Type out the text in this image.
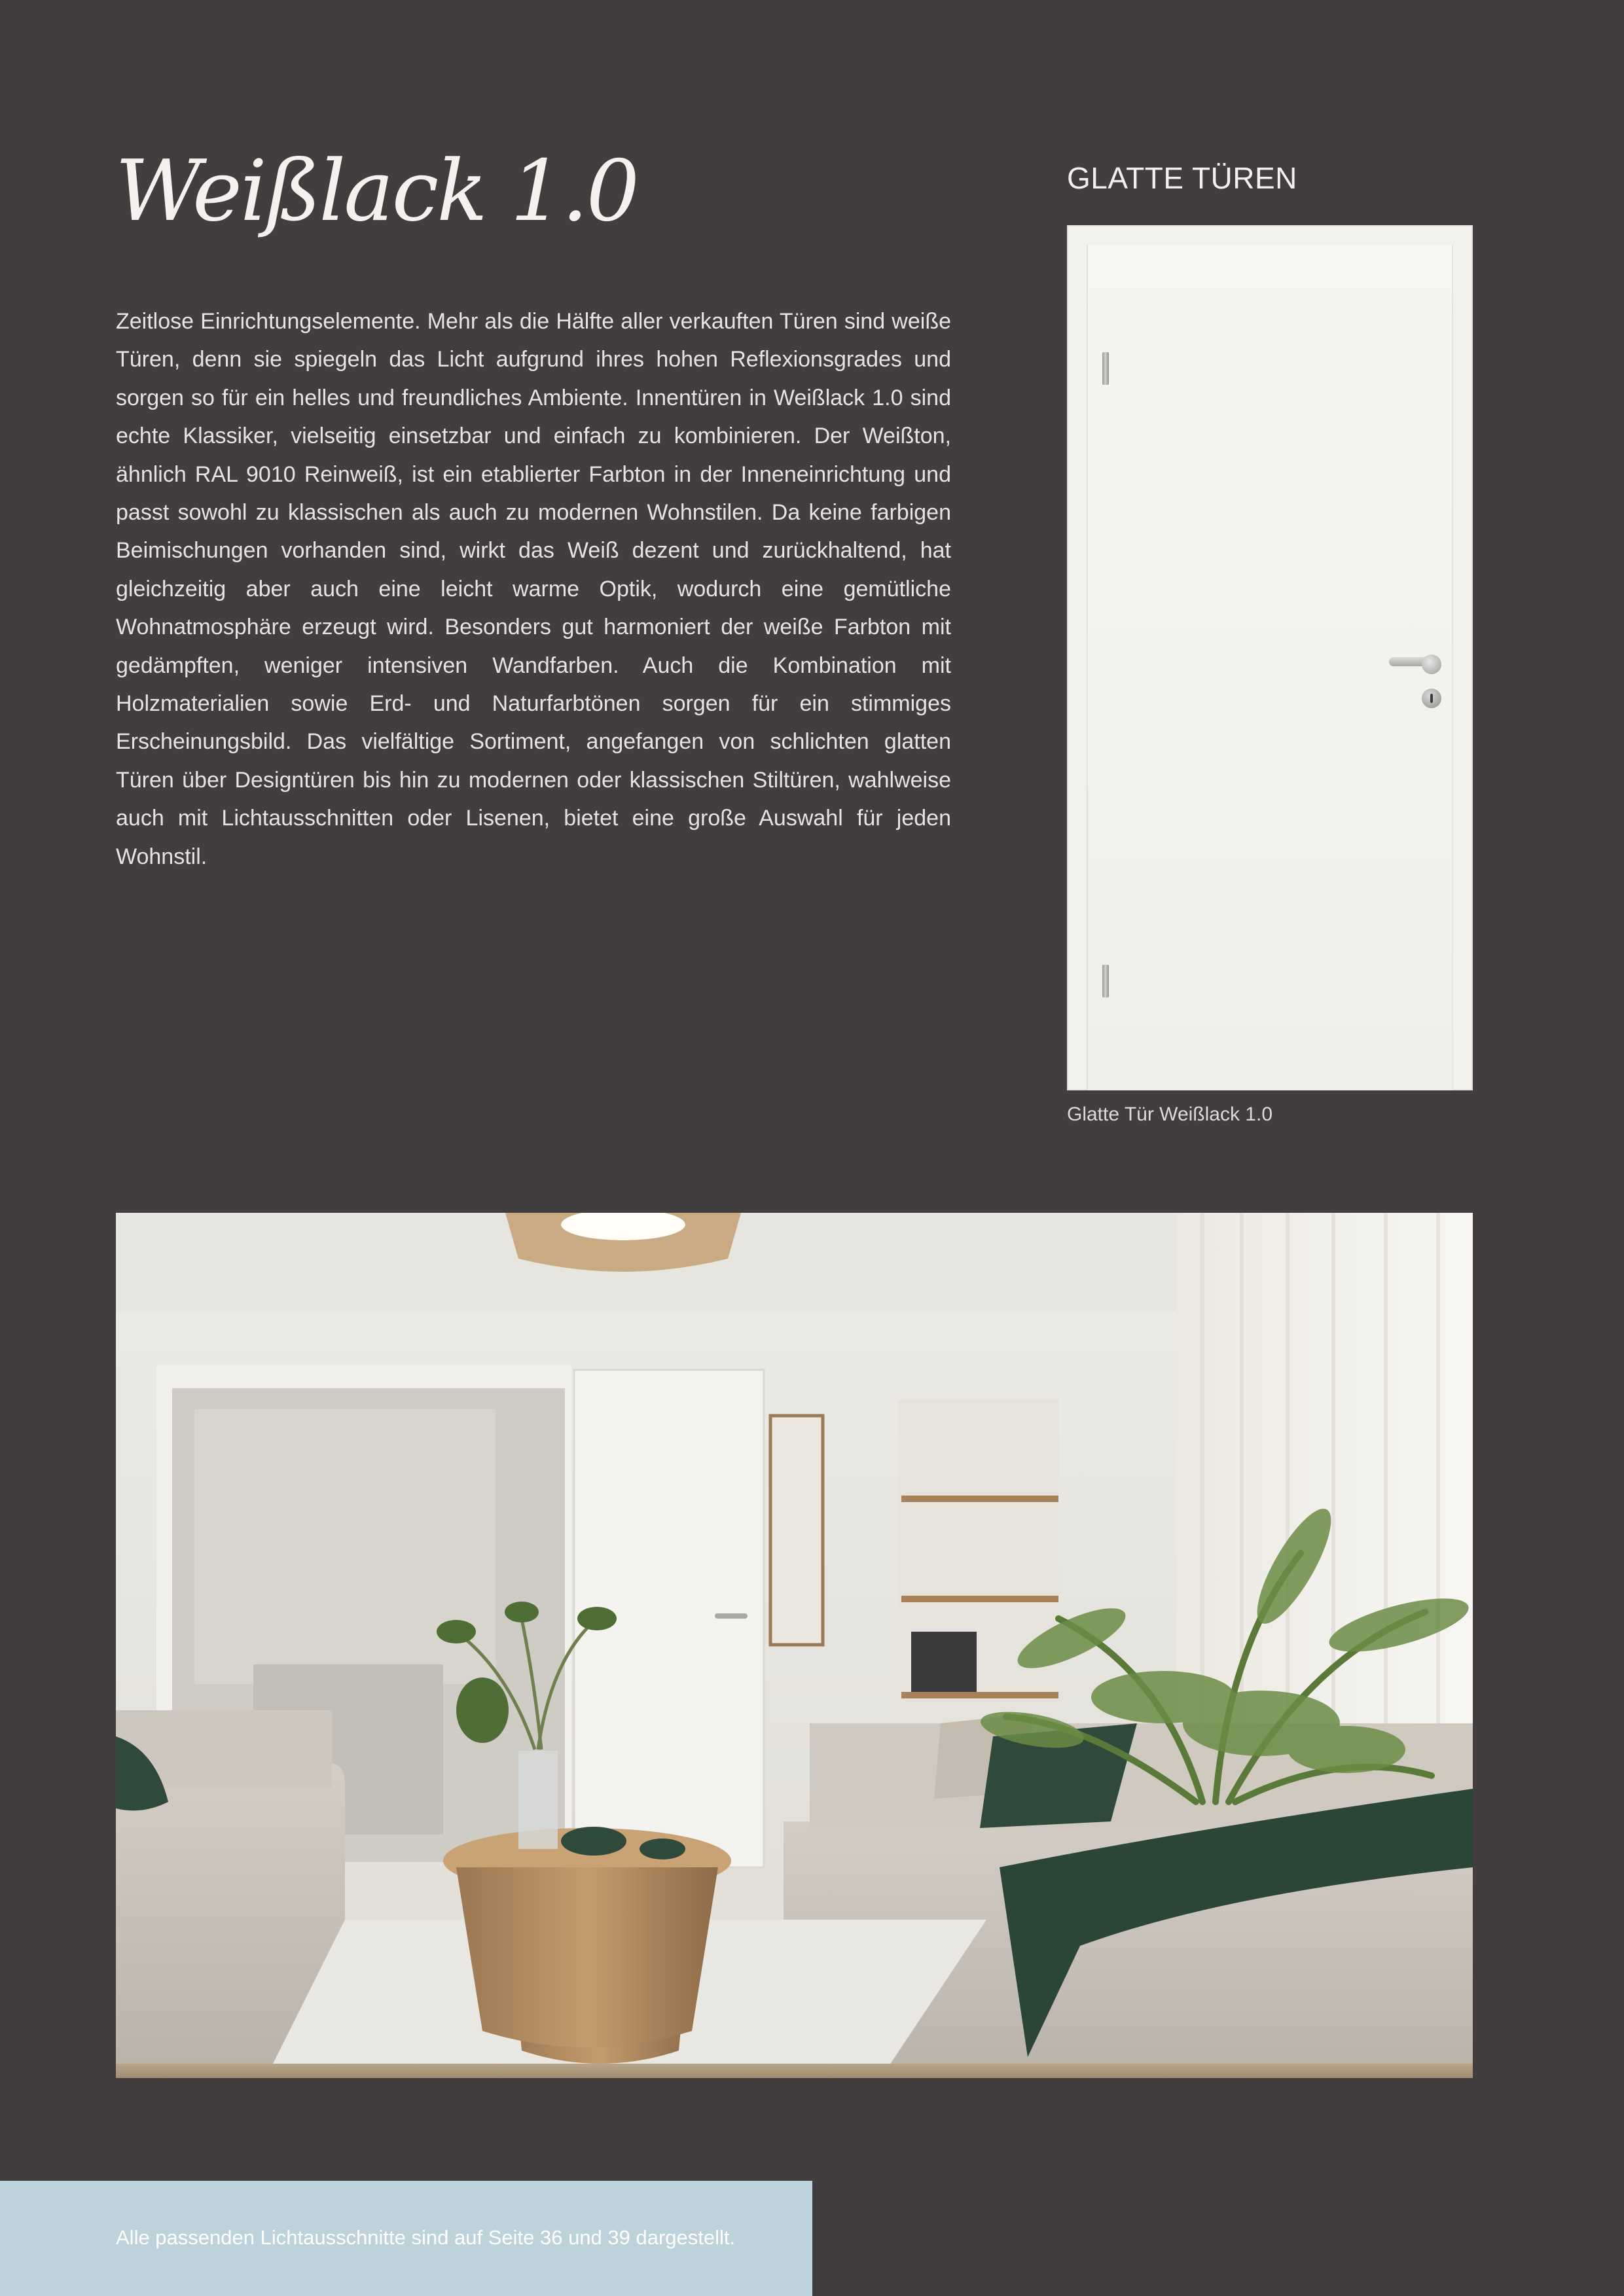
Weißlack 1.0

Zeitlose Einrichtungselemente. Mehr als die Hälfte aller verkauften Türen sind weiße Türen, denn sie spiegeln das Licht aufgrund ihres hohen Reflexionsgrades und sorgen so für ein helles und freundliches Ambiente. Innentüren in Weißlack 1.0 sind echte Klassiker, vielseitig einsetzbar und einfach zu kombinieren. Der Weißton, ähnlich RAL 9010 Reinweiß, ist ein etablierter Farbton in der Inneneinrichtung und passt sowohl zu klassischen als auch zu modernen Wohnstilen. Da keine farbigen Beimischungen vorhanden sind, wirkt das Weiß dezent und zurückhaltend, hat gleichzeitig aber auch eine leicht warme Optik, wodurch eine gemütliche Wohnatmosphäre erzeugt wird. Besonders gut harmoniert der weiße Farbton mit gedämpften, weniger intensiven Wandfarben. Auch die Kombination mit Holzmaterialien sowie Erd- und Naturfarbtönen sorgen für ein stimmiges Erscheinungsbild. Das vielfältige Sortiment, angefangen von schlichten glatten Türen über Designtüren bis hin zu modernen oder klassischen Stiltüren, wahlweise auch mit Lichtausschnitten oder Lisenen, bietet eine große Auswahl für jeden Wohnstil.

GLATTE TÜREN

Glatte Tür Weißlack 1.0

Alle passenden Lichtausschnitte sind auf Seite 36 und 39 dargestellt.
